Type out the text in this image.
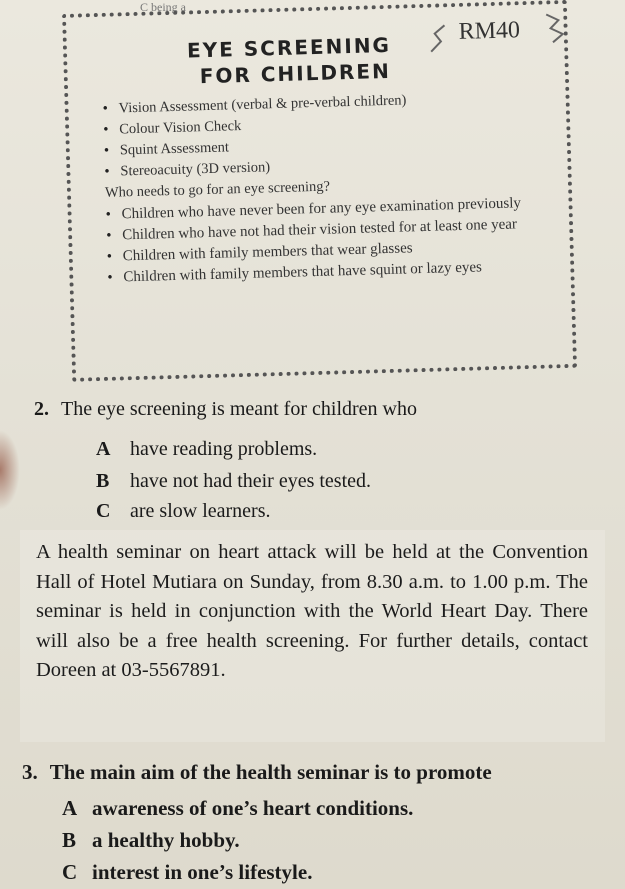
C being a
RM40
EYE SCREENING
FOR CHILDREN
• Vision Assessment (verbal & pre-verbal children)
• Colour Vision Check
• Squint Assessment
• Stereoacuity (3D version)
Who needs to go for an eye screening?
• Children who have never been for any eye examination previously
• Children who have not had their vision tested for at least one year
• Children with family members that wear glasses
• Children with family members that have squint or lazy eyes
2. The eye screening is meant for children who
A have reading problems.
B have not had their eyes tested.
C are slow learners.
A health seminar on heart attack will be held at the Convention Hall of Hotel Mutiara on Sunday, from 8.30 a.m. to 1.00 p.m. The seminar is held in conjunction with the World Heart Day. There will also be a free health screening. For further details, contact Doreen at 03-5567891.
3. The main aim of the health seminar is to promote
A awareness of one’s heart conditions.
B a healthy hobby.
C interest in one’s lifestyle.
